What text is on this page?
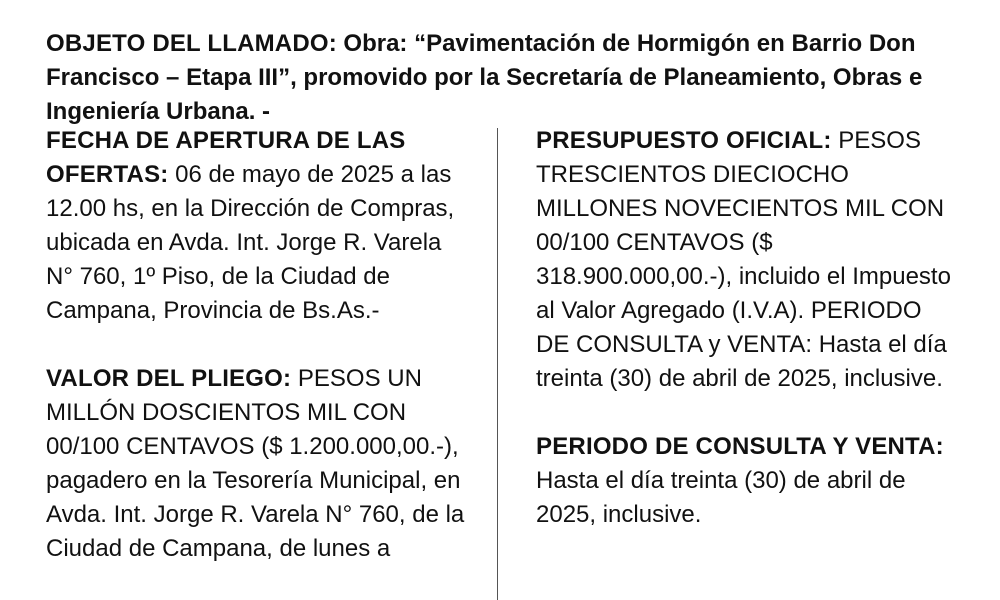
OBJETO DEL LLAMADO: Obra: “Pavimentación de Hormigón en Barrio Don Francisco – Etapa III”, promovido por la Secretaría de Planeamiento, Obras e Ingeniería Urbana. -

FECHA DE APERTURA DE LAS OFERTAS: 06 de mayo de 2025 a las 12.00 hs, en la Dirección de Compras, ubicada en Avda. Int. Jorge R. Varela N° 760, 1º Piso, de la Ciudad de Campana, Provincia de Bs.As.-

VALOR DEL PLIEGO: PESOS UN MILLÓN DOSCIENTOS MIL CON 00/100 CENTAVOS ($ 1.200.000,00.-), pagadero en la Tesorería Municipal, en Avda. Int. Jorge R. Varela N° 760, de la Ciudad de Campana, de lunes a

PRESUPUESTO OFICIAL: PESOS TRESCIENTOS DIECIOCHO MILLONES NOVECIENTOS MIL CON 00/100 CENTAVOS ($ 318.900.000,00.-), incluido el Impuesto al Valor Agregado (I.V.A). PERIODO DE CONSULTA y VENTA: Hasta el día treinta (30) de abril de 2025, inclusive.

PERIODO DE CONSULTA Y VENTA: Hasta el día treinta (30) de abril de 2025, inclusive.
